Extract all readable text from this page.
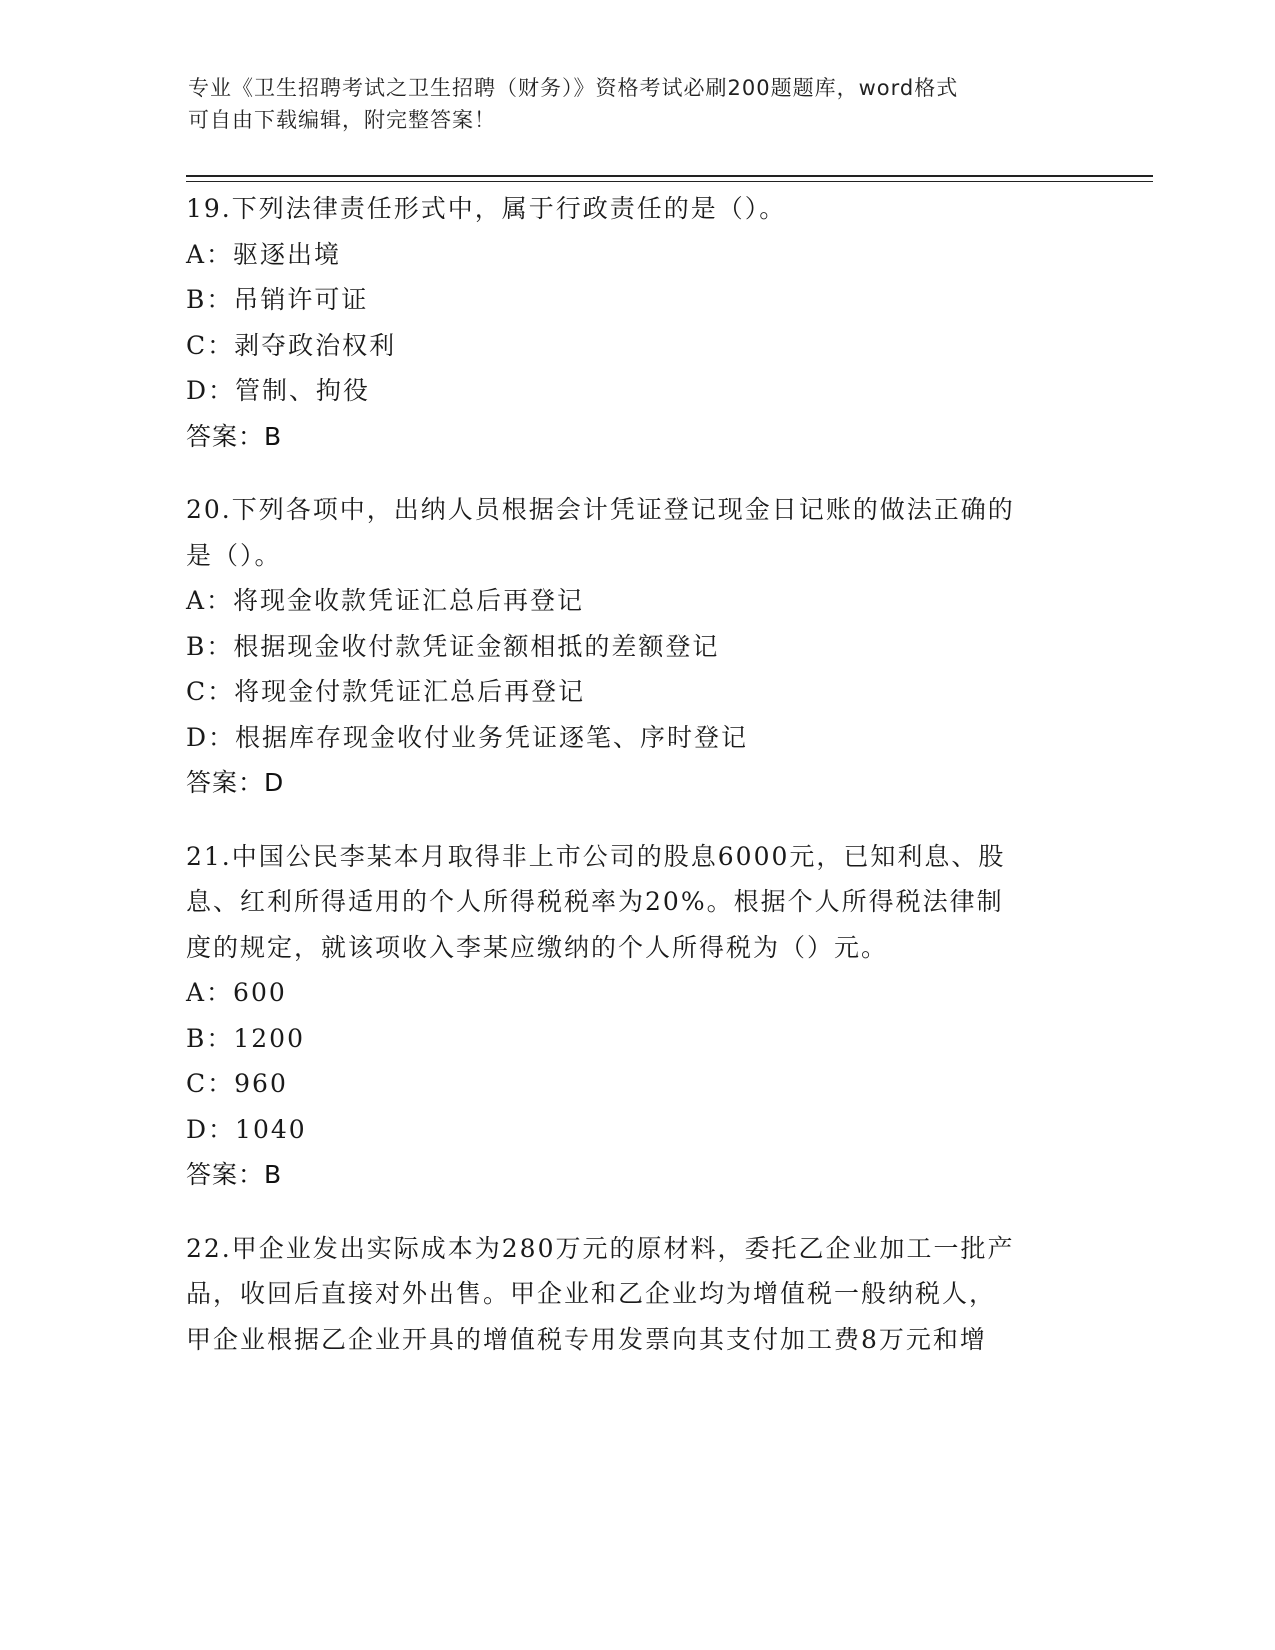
专业《卫生招聘考试之卫生招聘（财务）》资格考试必刷200题题库，word格式
可自由下载编辑，附完整答案！
19.下列法律责任形式中，属于行政责任的是（）。
A：驱逐出境
B：吊销许可证
C：剥夺政治权利
D：管制、拘役
答案：B
20.下列各项中，出纳人员根据会计凭证登记现金日记账的做法正确的
是（）。
A：将现金收款凭证汇总后再登记
B：根据现金收付款凭证金额相抵的差额登记
C：将现金付款凭证汇总后再登记
D：根据库存现金收付业务凭证逐笔、序时登记
答案：D
21.中国公民李某本月取得非上市公司的股息6000元，已知利息、股
息、红利所得适用的个人所得税税率为20%。根据个人所得税法律制
度的规定，就该项收入李某应缴纳的个人所得税为（）元。
A：600
B：1200
C：960
D：1040
答案：B
22.甲企业发出实际成本为280万元的原材料，委托乙企业加工一批产
品，收回后直接对外出售。甲企业和乙企业均为增值税一般纳税人，
甲企业根据乙企业开具的增值税专用发票向其支付加工费8万元和增
